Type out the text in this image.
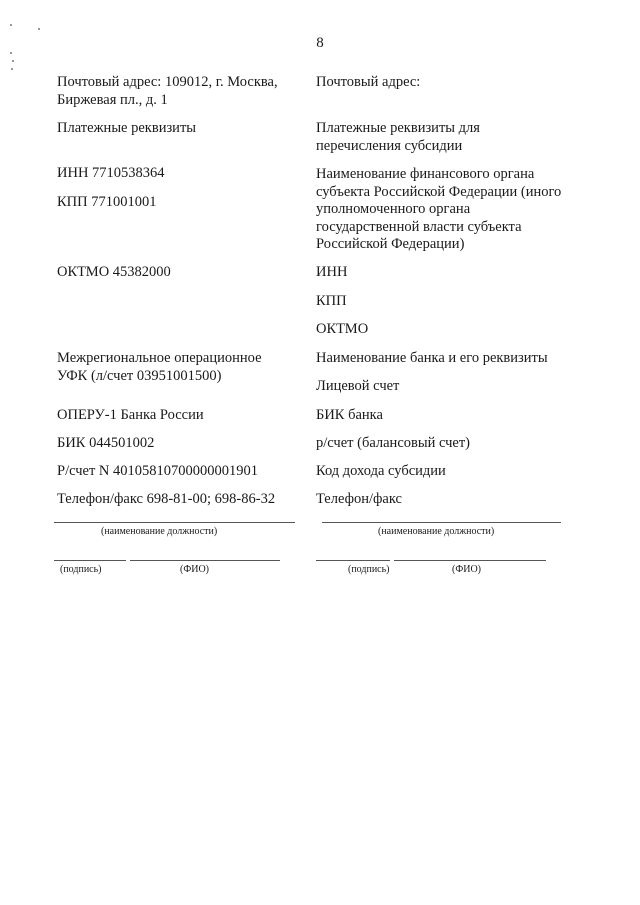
8
Почтовый адрес: 109012, г. Москва,
Биржевая пл., д. 1
Платежные реквизиты
ИНН 7710538364
КПП 771001001
ОКТМО 45382000
Межрегиональное операционное
УФК (л/счет 03951001500)
ОПЕРУ-1 Банка России
БИК 044501002
Р/счет N 40105810700000001901
Телефон/факс 698-81-00; 698-86-32
Почтовый адрес:
Платежные реквизиты для
перечисления субсидии
Наименование финансового органа
субъекта Российской Федерации (иного
уполномоченного органа
государственной власти субъекта
Российской Федерации)
ИНН
КПП
ОКТМО
Наименование банка и его реквизиты
Лицевой счет
БИК банка
р/счет (балансовый счет)
Код дохода субсидии
Телефон/факс
(наименование должности)
(подпись)	(ФИО)
(наименование должности)
(подпись)	(ФИО)
